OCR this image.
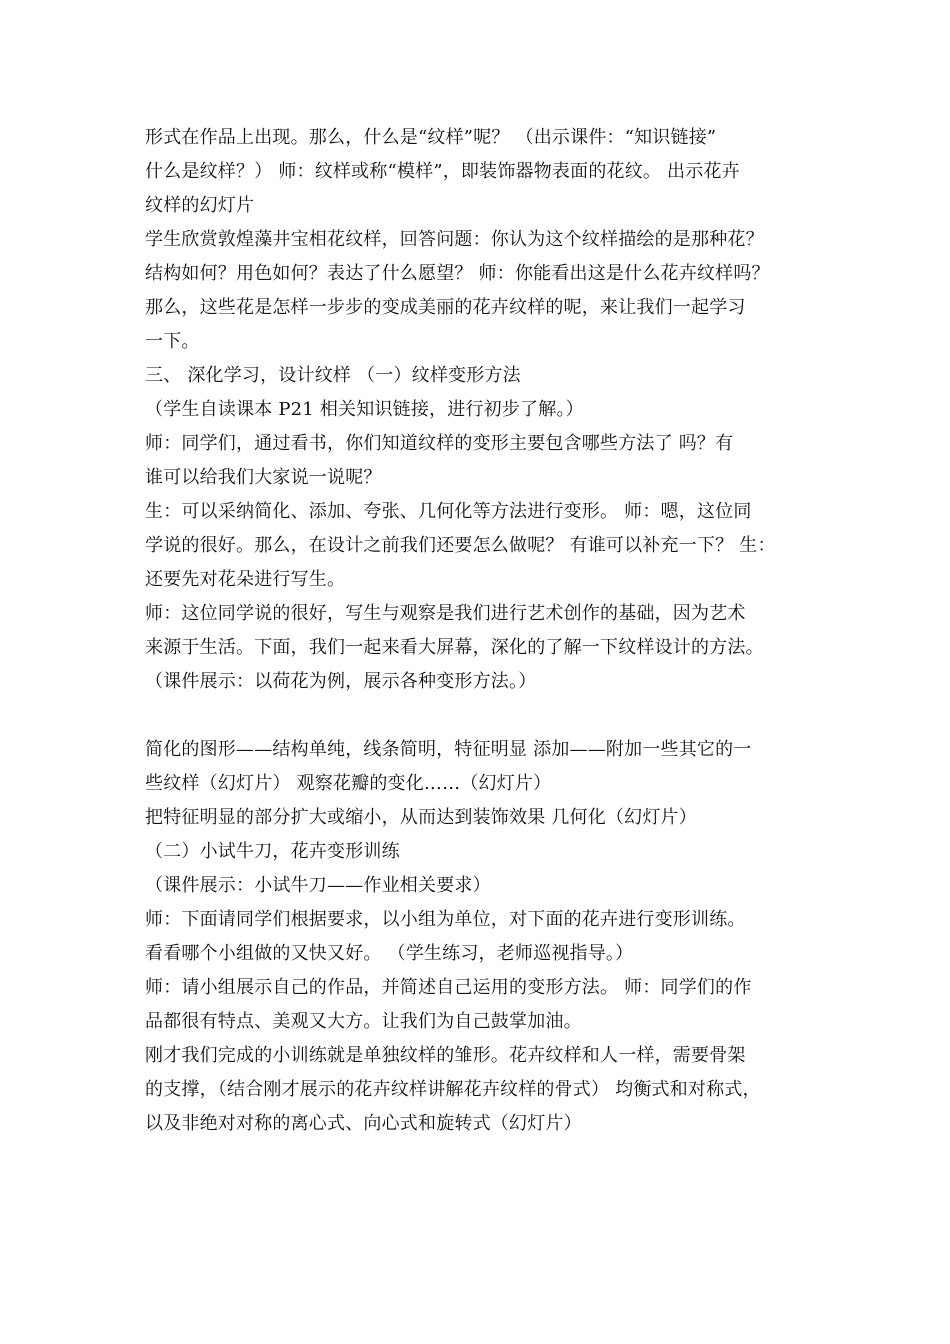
形式在作品上出现。那么，什么是“纹样”呢？ （出示课件：“知识链接”
什么是纹样？） 师：纹样或称“模样”，即装饰器物表面的花纹。 出示花卉
纹样的幻灯片
学生欣赏敦煌藻井宝相花纹样，回答问题：你认为这个纹样描绘的是那种花？
结构如何？用色如何？表达了什么愿望？ 师：你能看出这是什么花卉纹样吗？
那么，这些花是怎样一步步的变成美丽的花卉纹样的呢，来让我们一起学习
一下。
三、 深化学习，设计纹样 （一）纹样变形方法
（学生自读课本 P21 相关知识链接，进行初步了解。）
师：同学们，通过看书，你们知道纹样的变形主要包含哪些方法了 吗？有
谁可以给我们大家说一说呢？
生：可以采纳简化、添加、夸张、几何化等方法进行变形。 师：嗯，这位同
学说的很好。那么，在设计之前我们还要怎么做呢？ 有谁可以补充一下？ 生：
还要先对花朵进行写生。
师：这位同学说的很好，写生与观察是我们进行艺术创作的基础，因为艺术
来源于生活。下面，我们一起来看大屏幕，深化的了解一下纹样设计的方法。
（课件展示：以荷花为例，展示各种变形方法。）
简化的图形——结构单纯，线条简明，特征明显 添加——附加一些其它的一
些纹样（幻灯片） 观察花瓣的变化……（幻灯片）
把特征明显的部分扩大或缩小，从而达到装饰效果 几何化（幻灯片）
（二）小试牛刀，花卉变形训练
（课件展示：小试牛刀——作业相关要求）
师：下面请同学们根据要求，以小组为单位，对下面的花卉进行变形训练。
看看哪个小组做的又快又好。 （学生练习，老师巡视指导。）
师：请小组展示自己的作品，并简述自己运用的变形方法。 师：同学们的作
品都很有特点、美观又大方。让我们为自己鼓掌加油。
刚才我们完成的小训练就是单独纹样的雏形。花卉纹样和人一样，需要骨架
的支撑，（结合刚才展示的花卉纹样讲解花卉纹样的骨式） 均衡式和对称式，
以及非绝对对称的离心式、向心式和旋转式（幻灯片）
